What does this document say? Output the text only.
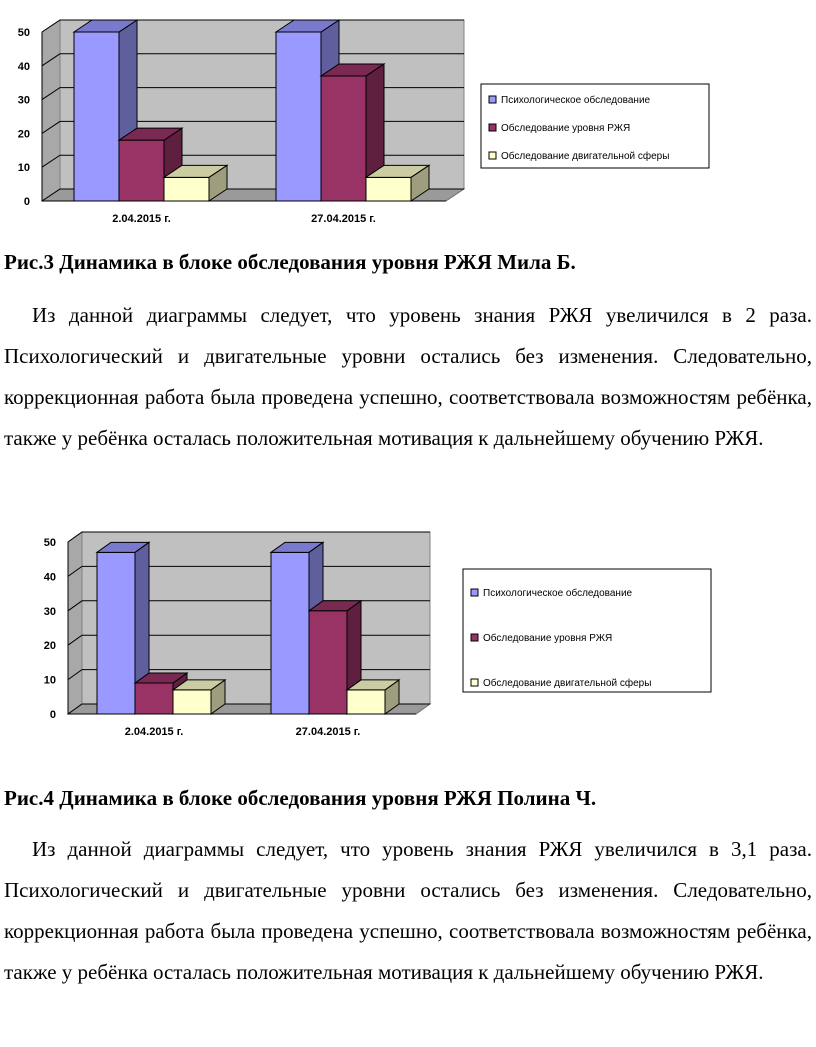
0
10
20
30
40
50
2.04.2015 г.	27.04.2015 г.
Психологическое обследование
Обследование уровня РЖЯ
Обследование двигательной сферы
Рис.3 Динамика в блоке обследования уровня РЖЯ Мила Б.
Из данной диаграммы следует, что уровень знания РЖЯ увеличился в 2 раза. Психологический и двигательные уровни остались без изменения. Следовательно, коррекционная работа была проведена успешно, соответствовала возможностям ребёнка, также у ребёнка осталась положительная мотивация к дальнейшему обучению РЖЯ.
0
10
20
30
40
50
2.04.2015 г.	27.04.2015 г.
Психологическое обследование
Обследование уровня РЖЯ
Обследование двигательной сферы
Рис.4 Динамика в блоке обследования уровня РЖЯ Полина Ч.
Из данной диаграммы следует, что уровень знания РЖЯ увеличился в 3,1 раза. Психологический и двигательные уровни остались без изменения. Следовательно, коррекционная работа была проведена успешно, соответствовала возможностям ребёнка, также у ребёнка осталась положительная мотивация к дальнейшему обучению РЖЯ.
